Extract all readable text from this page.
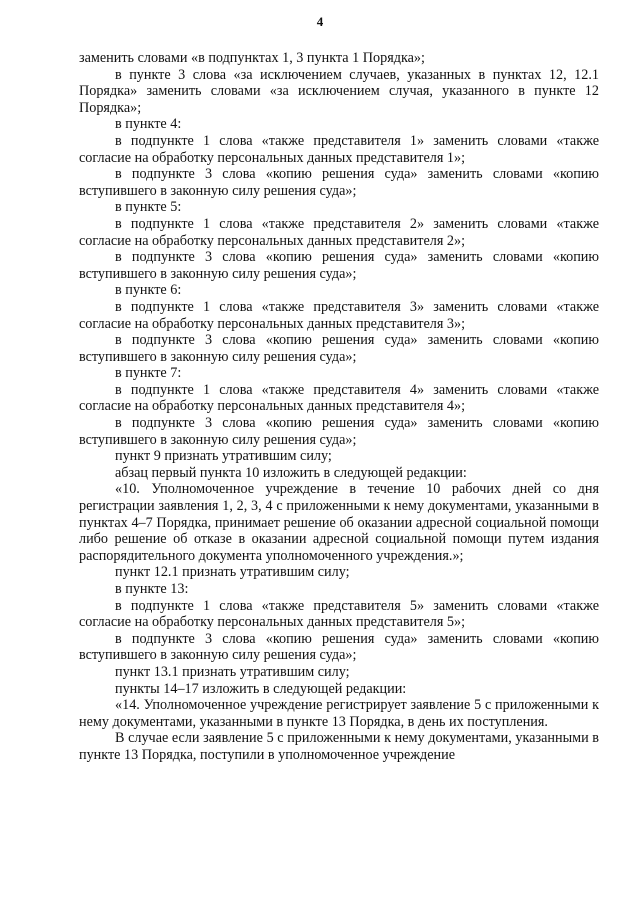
4

заменить словами «в подпунктах 1, 3 пункта 1 Порядка»;

в пункте 3 слова «за исключением случаев, указанных в пунктах 12, 12.1 Порядка» заменить словами «за исключением случая, указанного в пункте 12 Порядка»;

в пункте 4:

в подпункте 1 слова «также представителя 1» заменить словами «также согласие на обработку персональных данных представителя 1»;

в подпункте 3 слова «копию решения суда» заменить словами «копию вступившего в законную силу решения суда»;

в пункте 5:

в подпункте 1 слова «также представителя 2» заменить словами «также согласие на обработку персональных данных представителя 2»;

в подпункте 3 слова «копию решения суда» заменить словами «копию вступившего в законную силу решения суда»;

в пункте 6:

в подпункте 1 слова «также представителя 3» заменить словами «также согласие на обработку персональных данных представителя 3»;

в подпункте 3 слова «копию решения суда» заменить словами «копию вступившего в законную силу решения суда»;

в пункте 7:

в подпункте 1 слова «также представителя 4» заменить словами «также согласие на обработку персональных данных представителя 4»;

в подпункте 3 слова «копию решения суда» заменить словами «копию вступившего в законную силу решения суда»;

пункт 9 признать утратившим силу;

абзац первый пункта 10 изложить в следующей редакции:

«10. Уполномоченное учреждение в течение 10 рабочих дней со дня регистрации заявления 1, 2, 3, 4 с приложенными к нему документами, указанными в пунктах 4–7 Порядка, принимает решение об оказании адресной социальной помощи либо решение об отказе в оказании адресной социальной помощи путем издания распорядительного документа уполномоченного учреждения.»;

пункт 12.1 признать утратившим силу;

в пункте 13:

в подпункте 1 слова «также представителя 5» заменить словами «также согласие на обработку персональных данных представителя 5»;

в подпункте 3 слова «копию решения суда» заменить словами «копию вступившего в законную силу решения суда»;

пункт 13.1 признать утратившим силу;

пункты 14–17 изложить в следующей редакции:

«14. Уполномоченное учреждение регистрирует заявление 5 с приложенными к нему документами, указанными в пункте 13 Порядка, в день их поступления.

В случае если заявление 5 с приложенными к нему документами, указанными в пункте 13 Порядка, поступили в уполномоченное учреждение
